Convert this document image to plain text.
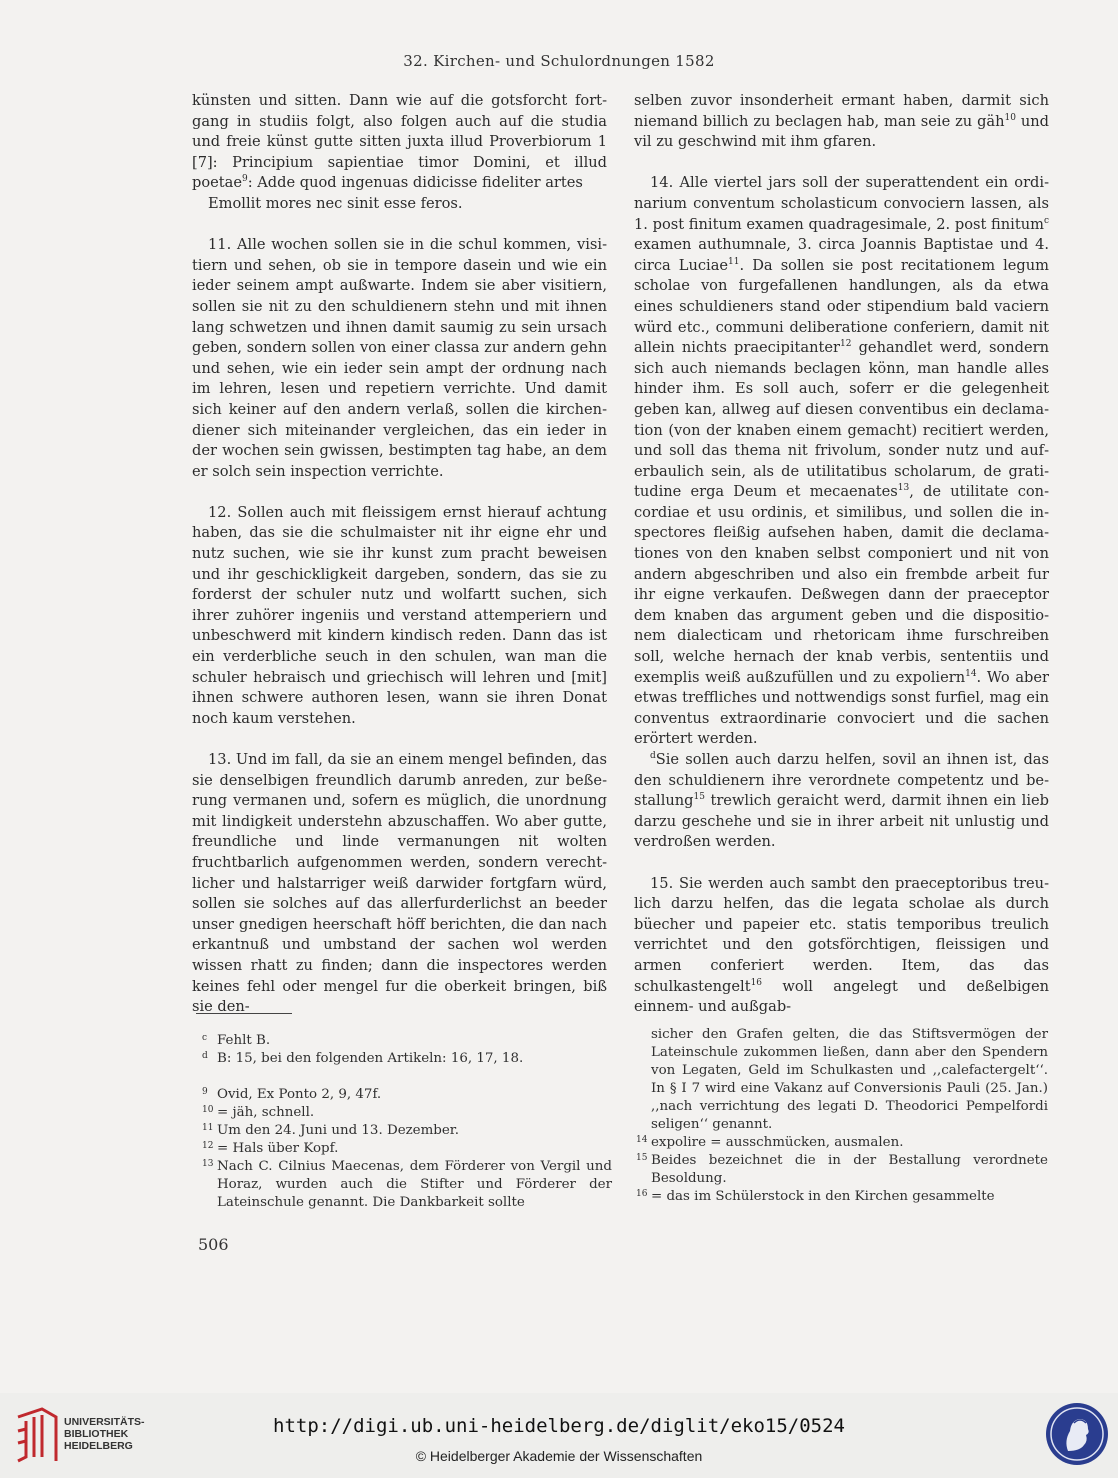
32. Kirchen- und Schulordnungen 1582

künsten und sitten. Dann wie auf die gotsforcht fortgang in studiis folgt, also folgen auch auf die studia und freie künst gutte sitten juxta illud Proverbiorum 1 [7]: Principium sapientiae timor Domini, et illud poetae$^9$: Adde quod ingenuas didicisse fideliter artes

Emollit mores nec sinit esse feros.

11. Alle wochen sollen sie in die schul kommen, visitiern und sehen, ob sie in tempore dasein und wie ein ieder seinem ampt außwarte. Indem sie aber visitiern, sollen sie nit zu den schuldienern stehn und mit ihnen lang schwetzen und ihnen damit saumig zu sein ursach geben, sondern sollen von einer classa zur andern gehn und sehen, wie ein ieder sein ampt der ordnung nach im lehren, lesen und repetiern verrichte. Und damit sich keiner auf den andern verlaß, sollen die kirchendiener sich miteinander vergleichen, das ein ieder in der wochen sein gwissen, bestimpten tag habe, an dem er solch sein inspection verrichte.

12. Sollen auch mit fleissigem ernst hierauf achtung haben, das sie die schulmaister nit ihr eigne ehr und nutz suchen, wie sie ihr kunst zum pracht beweisen und ihr geschickligkeit dargeben, sondern, das sie zu forderst der schuler nutz und wolfartt suchen, sich ihrer zuhörer ingeniis und verstand attemperiern und unbeschwerd mit kindern kindisch reden. Dann das ist ein verderbliche seuch in den schulen, wan man die schuler hebraisch und griechisch will lehren und [mit] ihnen schwere authoren lesen, wann sie ihren Donat noch kaum verstehen.

13. Und im fall, da sie an einem mengel befinden, das sie denselbigen freundlich darumb anreden, zur beßerung vermanen und, sofern es müglich, die unordnung mit lindigkeit understehn abzuschaffen. Wo aber gutte, freundliche und linde vermanungen nit wolten fruchtbarlich aufgenommen werden, sondern verechtlicher und halstarriger weiß darwider fortgfarn würd, sollen sie solches auf das allerfurderlichst an beeder unser gnedigen heerschaft höff berichten, die dan nach erkantnuß und umbstand der sachen wol werden wissen rhatt zu finden; dann die inspectores werden keines fehl oder mengel fur die oberkeit bringen, biß sie den-

selben zuvor insonderheit ermant haben, darmit sich niemand billich zu beclagen hab, man seie zu gäh$^{10}$ und vil zu geschwind mit ihm gfaren.

14. Alle viertel jars soll der superattendent ein ordinarium conventum scholasticum convociern lassen, als 1. post finitum examen quadragesimale, 2. post finitum$^c$ examen authumnale, 3. circa Joannis Baptistae und 4. circa Luciae$^{11}$. Da sollen sie post recitationem legum scholae von furgefallenen handlungen, als da etwa eines schuldieners stand oder stipendium bald vaciern würd etc., communi deliberatione conferiern, damit nit allein nichts praecipitanter$^{12}$ gehandlet werd, sondern sich auch niemands beclagen könn, man handle alles hinder ihm. Es soll auch, soferr er die gelegenheit geben kan, allweg auf diesen conventibus ein declamation (von der knaben einem gemacht) recitiert werden, und soll das thema nit frivolum, sonder nutz und auferbaulich sein, als de utilitatibus scholarum, de gratitudine erga Deum et mecaenates$^{13}$, de utilitate concordiae et usu ordinis, et similibus, und sollen die inspectores fleißig aufsehen haben, damit die declamationes von den knaben selbst componiert und nit von andern abgeschriben und also ein frembde arbeit fur ihr eigne verkaufen. Deßwegen dann der praeceptor dem knaben das argument geben und die dispositionem dialecticam und rhetoricam ihme furschreiben soll, welche hernach der knab verbis, sententiis und exemplis weiß außzufüllen und zu expoliern$^{14}$. Wo aber etwas treffliches und nottwendigs sonst furfiel, mag ein conventus extraordinarie convociert und die sachen erörtert werden.

$^d$Sie sollen auch darzu helfen, sovil an ihnen ist, das den schuldienern ihre verordnete competentz und bestallung$^{15}$ trewlich geraicht werd, darmit ihnen ein lieb darzu geschehe und sie in ihrer arbeit nit unlustig und verdroßen werden.

15. Sie werden auch sambt den praeceptoribus treulich darzu helfen, das die legata scholae als durch büecher und papeier etc. statis temporibus treulich verrichtet und den gotsförchtigen, fleissigen und armen conferiert werden. Item, das das schulkastengelt$^{16}$ woll angelegt und deßelbigen einnem- und außgab-

c Fehlt B.

d B: 15, bei den folgenden Artikeln: 16, 17, 18.

9 Ovid, Ex Ponto 2, 9, 47f.

10 = jäh, schnell.

11 Um den 24. Juni und 13. Dezember.

12 = Hals über Kopf.

13 Nach C. Cilnius Maecenas, dem Förderer von Vergil und Horaz, wurden auch die Stifter und Förderer der Lateinschule genannt. Die Dankbarkeit sollte

sicher den Grafen gelten, die das Stiftsvermögen der Lateinschule zukommen ließen, dann aber den Spendern von Legaten, Geld im Schulkasten und ,,calefactergelt‘‘. In § I 7 wird eine Vakanz auf Conversionis Pauli (25. Jan.) ,,nach verrichtung des legati D. Theodorici Pempelfordi seligen‘‘ genannt.

14 expolire = ausschmücken, ausmalen.

15 Beides bezeichnet die in der Bestallung verordnete Besoldung.

16 = das im Schülerstock in den Kirchen gesammelte

506
UNIVERSITÄTS-
BIBLIOTHEK
HEIDELBERG
http://digi.ub.uni-heidelberg.de/diglit/eko15/0524
© Heidelberger Akademie der Wissenschaften
